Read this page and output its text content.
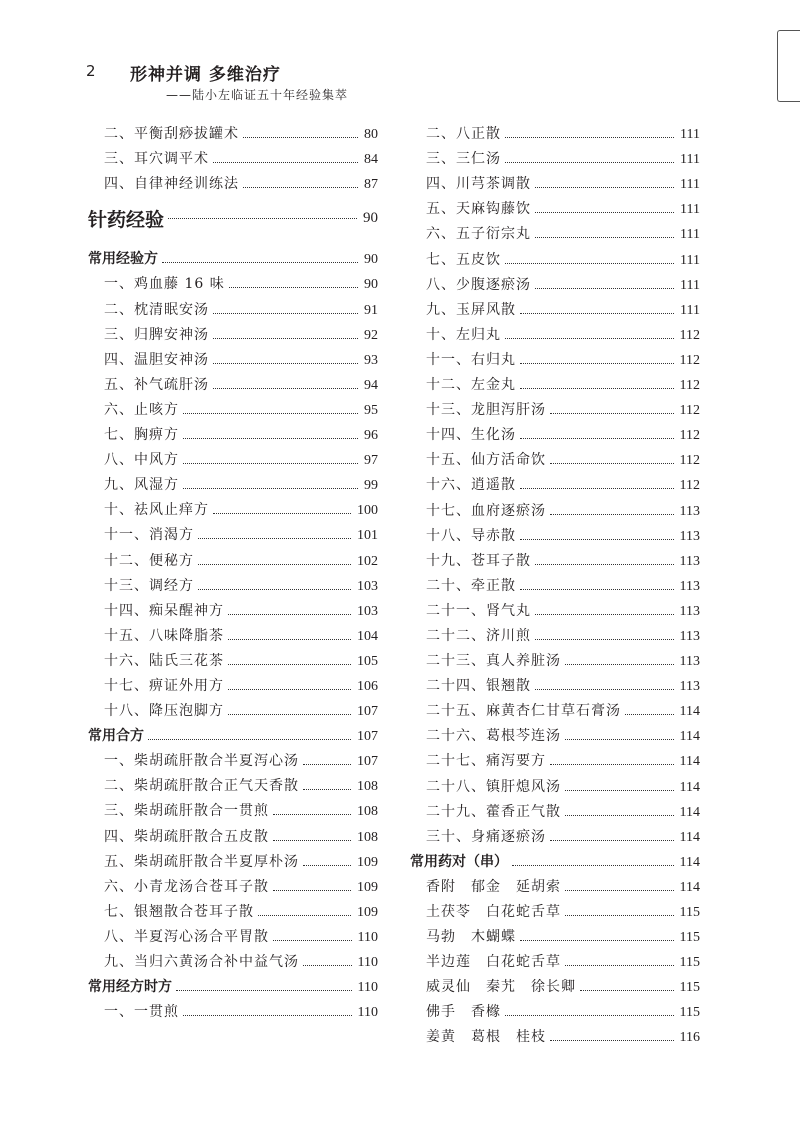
2 形神并调 多维治疗
——陆小左临证五十年经验集萃
二、平衡刮痧拔罐术	80
三、耳穴调平术	84
四、自律神经训练法	87
针药经验	90
常用经验方	90
一、鸡血藤 16 味	90
二、枕清眠安汤	91
三、归脾安神汤	92
四、温胆安神汤	93
五、补气疏肝汤	94
六、止咳方	95
七、胸痹方	96
八、中风方	97
九、风湿方	99
十、祛风止痒方	100
十一、消渴方	101
十二、便秘方	102
十三、调经方	103
十四、痴呆醒神方	103
十五、八味降脂茶	104
十六、陆氏三花茶	105
十七、痹证外用方	106
十八、降压泡脚方	107
常用合方	107
一、柴胡疏肝散合半夏泻心汤	107
二、柴胡疏肝散合正气天香散	108
三、柴胡疏肝散合一贯煎	108
四、柴胡疏肝散合五皮散	108
五、柴胡疏肝散合半夏厚朴汤	109
六、小青龙汤合苍耳子散	109
七、银翘散合苍耳子散	109
八、半夏泻心汤合平胃散	110
九、当归六黄汤合补中益气汤	110
常用经方时方	110
一、一贯煎	110
二、八正散	111
三、三仁汤	111
四、川芎茶调散	111
五、天麻钩藤饮	111
六、五子衍宗丸	111
七、五皮饮	111
八、少腹逐瘀汤	111
九、玉屏风散	111
十、左归丸	112
十一、右归丸	112
十二、左金丸	112
十三、龙胆泻肝汤	112
十四、生化汤	112
十五、仙方活命饮	112
十六、逍遥散	112
十七、血府逐瘀汤	113
十八、导赤散	113
十九、苍耳子散	113
二十、牵正散	113
二十一、肾气丸	113
二十二、济川煎	113
二十三、真人养脏汤	113
二十四、银翘散	113
二十五、麻黄杏仁甘草石膏汤	114
二十六、葛根芩连汤	114
二十七、痛泻要方	114
二十八、镇肝熄风汤	114
二十九、藿香正气散	114
三十、身痛逐瘀汤	114
常用药对（串）	114
香附　郁金　延胡索	114
土茯苓　白花蛇舌草	115
马勃　木蝴蝶	115
半边莲　白花蛇舌草	115
威灵仙　秦艽　徐长卿	115
佛手　香橼	115
姜黄　葛根　桂枝	116
